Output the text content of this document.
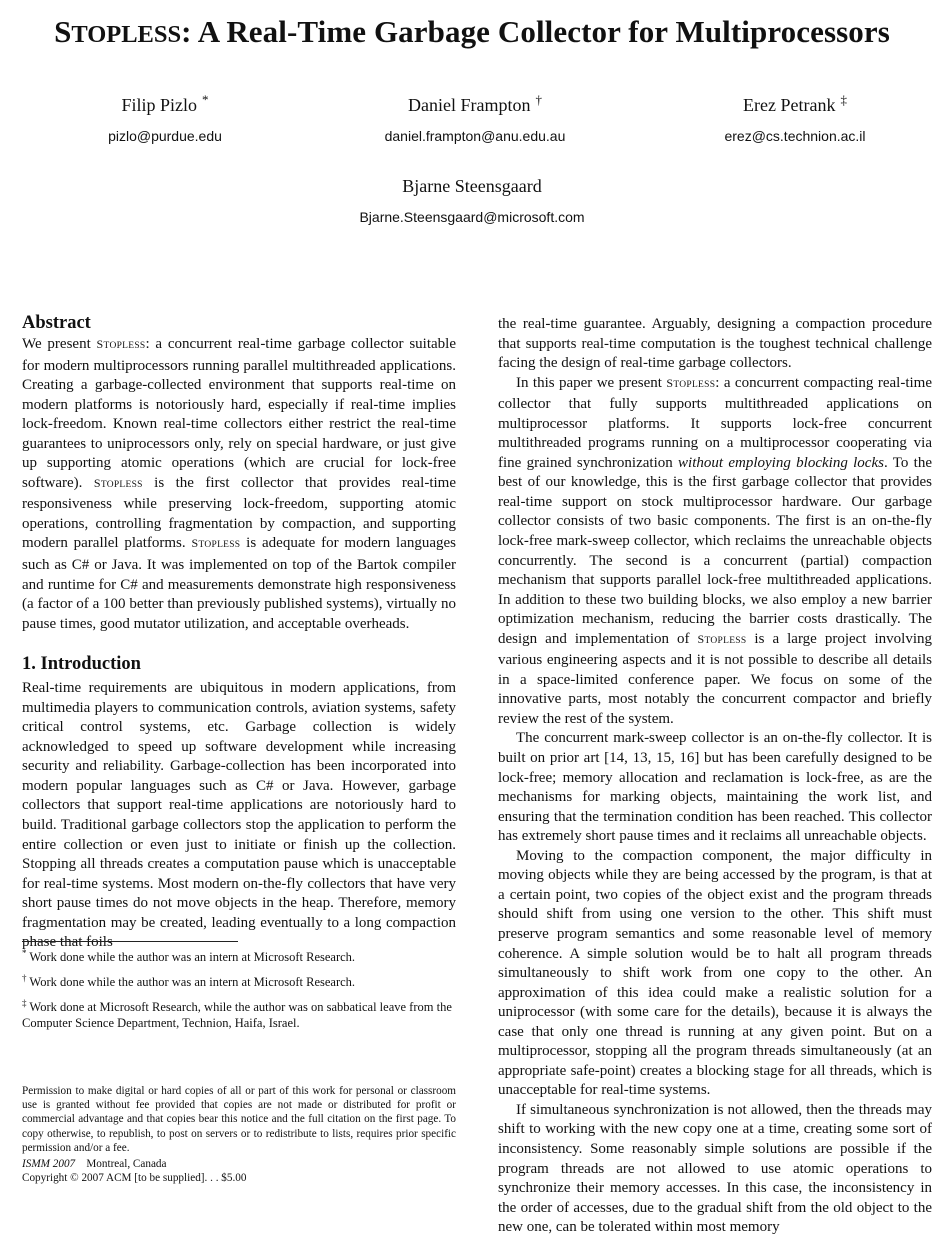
STOPLESS: A Real-Time Garbage Collector for Multiprocessors
Filip Pizlo *
pizlo@purdue.edu
Daniel Frampton †
daniel.frampton@anu.edu.au
Erez Petrank ‡
erez@cs.technion.ac.il
Bjarne Steensgaard
Bjarne.Steensgaard@microsoft.com
Abstract

We present STOPLESS: a concurrent real-time garbage collector suitable for modern multiprocessors running parallel multithreaded applications. Creating a garbage-collected environment that supports real-time on modern platforms is notoriously hard, especially if real-time implies lock-freedom. Known real-time collectors either restrict the real-time guarantees to uniprocessors only, rely on special hardware, or just give up supporting atomic operations (which are crucial for lock-free software). STOPLESS is the first collector that provides real-time responsiveness while preserving lock-freedom, supporting atomic operations, controlling fragmentation by compaction, and supporting modern parallel platforms. STOPLESS is adequate for modern languages such as C# or Java. It was implemented on top of the Bartok compiler and runtime for C# and measurements demonstrate high responsiveness (a factor of a 100 better than previously published systems), virtually no pause times, good mutator utilization, and acceptable overheads.

1. Introduction

Real-time requirements are ubiquitous in modern applications, from multimedia players to communication controls, aviation systems, safety critical control systems, etc. Garbage collection is widely acknowledged to speed up software development while increasing security and reliability. Garbage-collection has been incorporated into modern popular languages such as C# or Java. However, garbage collectors that support real-time applications are notoriously hard to build. Traditional garbage collectors stop the application to perform the entire collection or even just to initiate or finish up the collection. Stopping all threads creates a computation pause which is unacceptable for real-time systems. Most modern on-the-fly collectors that have very short pause times do not move objects in the heap. Therefore, memory fragmentation may be created, leading eventually to a long compaction phase that foils

* Work done while the author was an intern at Microsoft Research.

† Work done while the author was an intern at Microsoft Research.

‡ Work done at Microsoft Research, while the author was on sabbatical leave from the Computer Science Department, Technion, Haifa, Israel.

Permission to make digital or hard copies of all or part of this work for personal or classroom use is granted without fee provided that copies are not made or distributed for profit or commercial advantage and that copies bear this notice and the full citation on the first page. To copy otherwise, to republish, to post on servers or to redistribute to lists, requires prior specific permission and/or a fee.

ISMM 2007 Montreal, Canada

Copyright © 2007 ACM [to be supplied]. . . $5.00

the real-time guarantee. Arguably, designing a compaction procedure that supports real-time computation is the toughest technical challenge facing the design of real-time garbage collectors.

In this paper we present STOPLESS: a concurrent compacting real-time collector that fully supports multithreaded applications on multiprocessor platforms. It supports lock-free concurrent multithreaded programs running on a multiprocessor cooperating via fine grained synchronization without employing blocking locks. To the best of our knowledge, this is the first garbage collector that provides real-time support on stock multiprocessor hardware. Our garbage collector consists of two basic components. The first is an on-the-fly lock-free mark-sweep collector, which reclaims the unreachable objects concurrently. The second is a concurrent (partial) compaction mechanism that supports parallel lock-free multithreaded applications. In addition to these two building blocks, we also employ a new barrier optimization mechanism, reducing the barrier costs drastically. The design and implementation of STOPLESS is a large project involving various engineering aspects and it is not possible to describe all details in a space-limited conference paper. We focus on some of the innovative parts, most notably the concurrent compactor and briefly review the rest of the system.

The concurrent mark-sweep collector is an on-the-fly collector. It is built on prior art [14, 13, 15, 16] but has been carefully designed to be lock-free; memory allocation and reclamation is lock-free, as are the mechanisms for marking objects, maintaining the work list, and ensuring that the termination condition has been reached. This collector has extremely short pause times and it reclaims all unreachable objects.

Moving to the compaction component, the major difficulty in moving objects while they are being accessed by the program, is that at a certain point, two copies of the object exist and the program threads should shift from using one version to the other. This shift must preserve program semantics and some reasonable level of memory coherence. A simple solution would be to halt all program threads simultaneously to shift work from one copy to the other. An approximation of this idea could make a realistic solution for a uniprocessor (with some care for the details), because it is always the case that only one thread is running at any given point. But on a multiprocessor, stopping all the program threads simultaneously (at an appropriate safe-point) creates a blocking stage for all threads, which is unacceptable for real-time systems.

If simultaneous synchronization is not allowed, then the threads may shift to working with the new copy one at a time, creating some sort of inconsistency. Some reasonably simple solutions are possible if the program threads are not allowed to use atomic operations to synchronize their memory accesses. In this case, the inconsistency in the order of accesses, due to the gradual shift from the old object to the new one, can be tolerated within most memory
